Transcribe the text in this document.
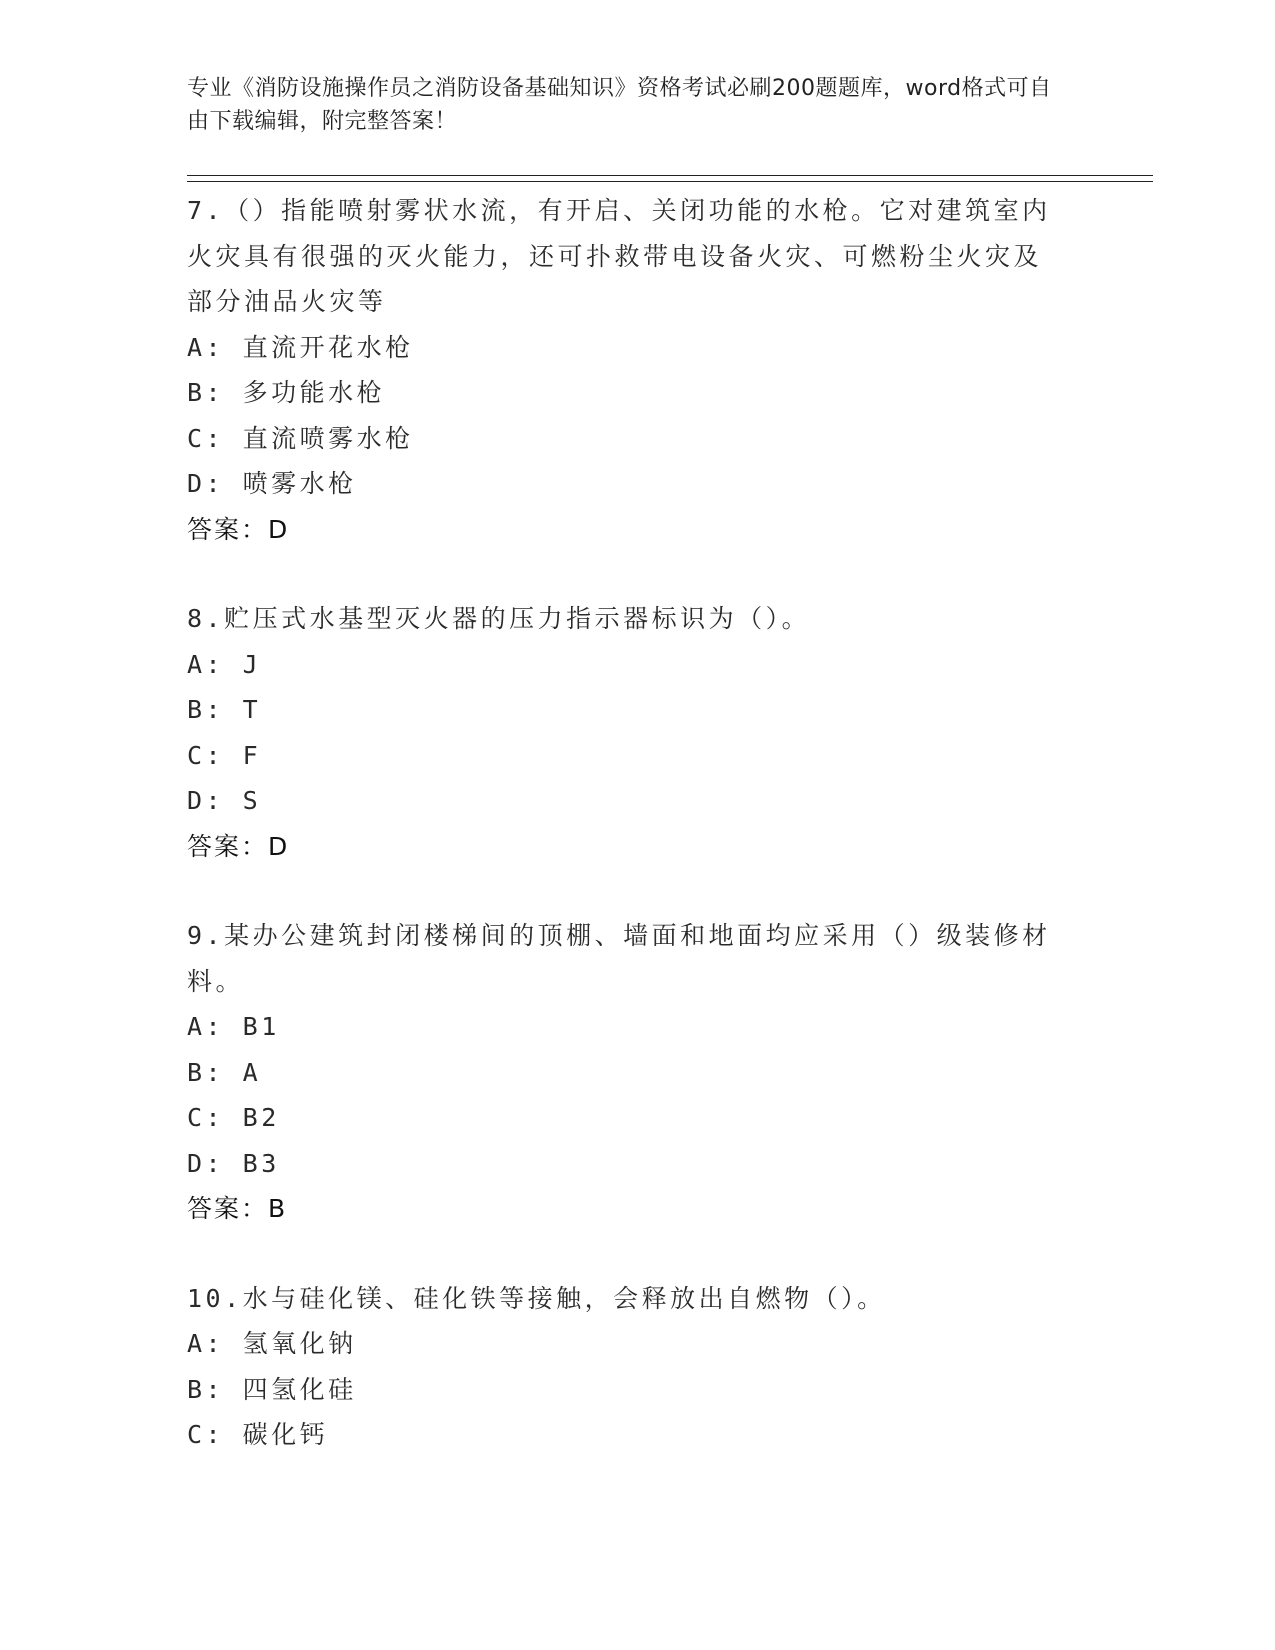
专业《消防设施操作员之消防设备基础知识》资格考试必刷200题题库，word格式可自由下载编辑，附完整答案！
7.（）指能喷射雾状水流，有开启、关闭功能的水枪。它对建筑室内火灾具有很强的灭火能力，还可扑救带电设备火灾、可燃粉尘火灾及部分油品火灾等
A: 直流开花水枪
B: 多功能水枪
C: 直流喷雾水枪
D: 喷雾水枪
答案：D
8.贮压式水基型灭火器的压力指示器标识为（）。
A: J
B: T
C: F
D: S
答案：D
9.某办公建筑封闭楼梯间的顶棚、墙面和地面均应采用（）级装修材料。
A: B1
B: A
C: B2
D: B3
答案：B
10.水与硅化镁、硅化铁等接触，会释放出自燃物（）。
A: 氢氧化钠
B: 四氢化硅
C: 碳化钙
